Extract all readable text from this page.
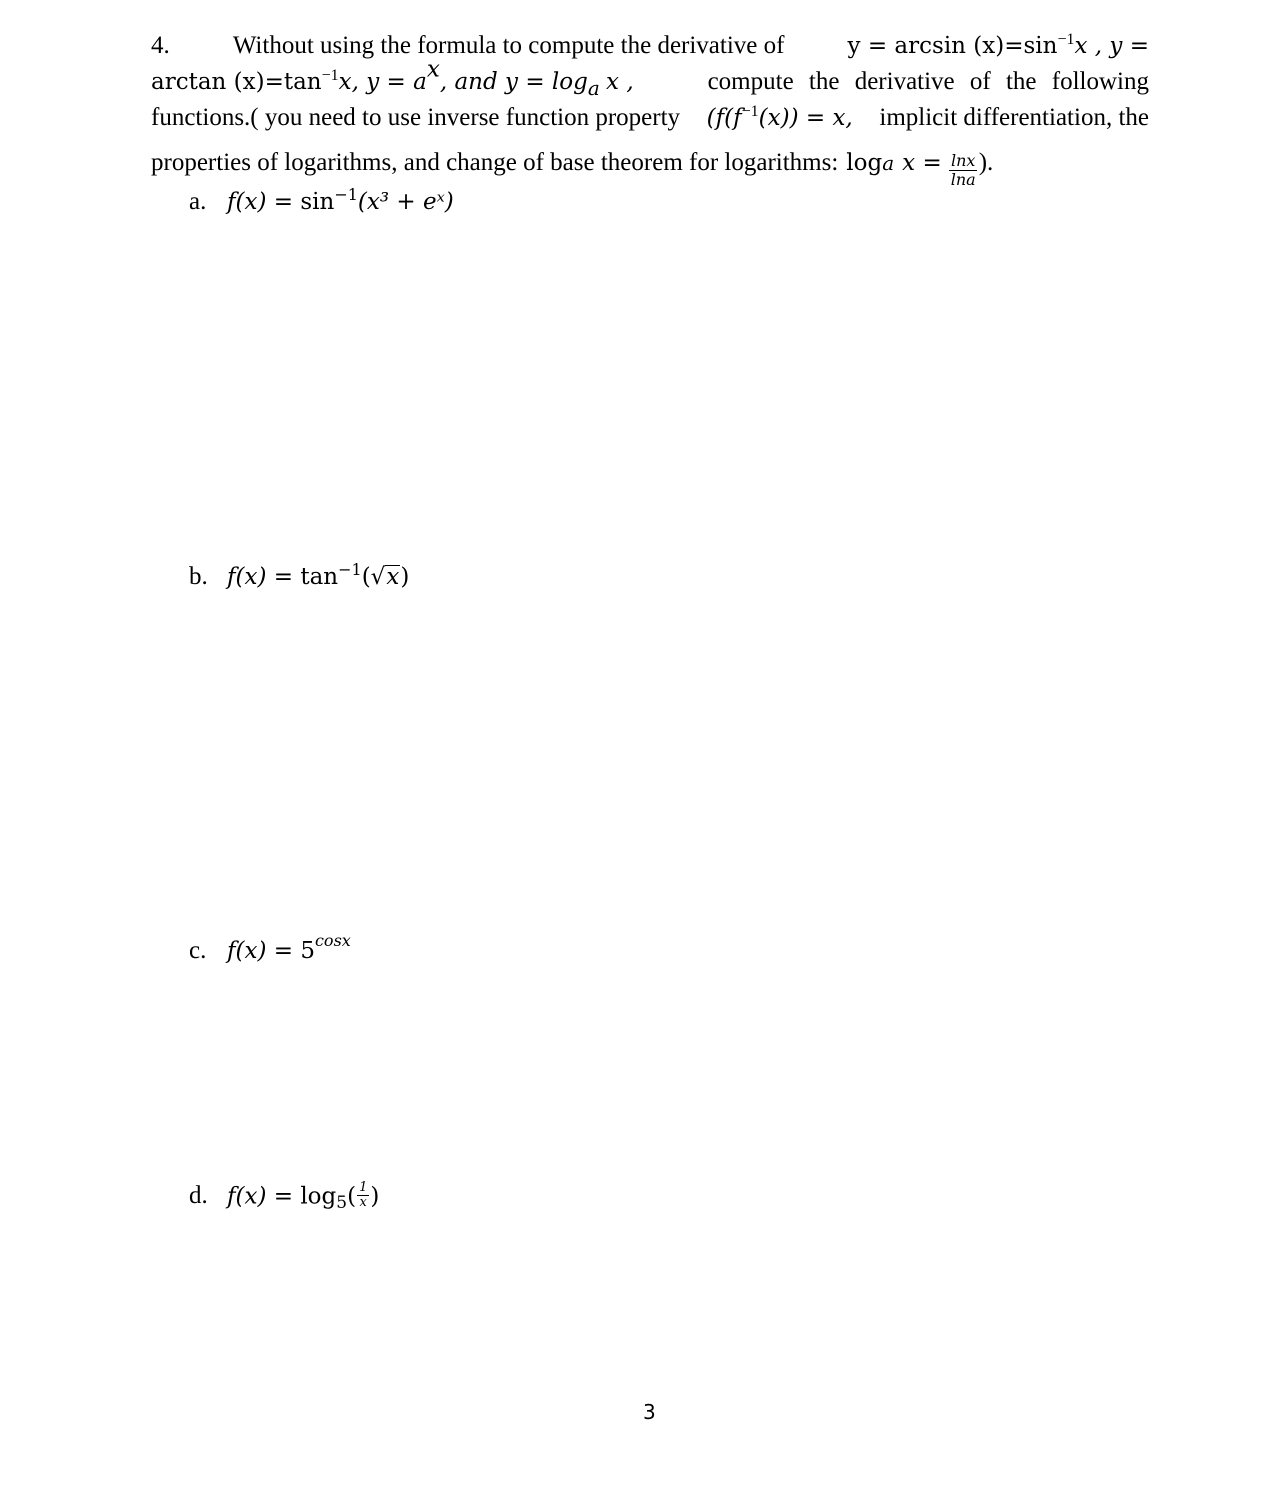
4.	Without using the formula to compute the derivative of	$y = \arcsin (x)=\sin^{-1}x$ , y =
$\arctan (x)=\tan^{-1}x$, $y = a^x$, and $y = \log_a x$ ,	compute the derivative of the following
functions.( you need to use inverse function property ($f(f^{-1}(x)) = x$, implicit differentiation, the
properties of logarithms, and change of base theorem for logarithms: log a $x = \frac{\ln x}{\ln a}$ ).
a. $f(x) = \sin^{-1}(x^3$ + eˣ)
b. $f(x) = \tan^{-1}(√x)$
c. $f(x) = 5^{cosx}$
d. $f(x) = \log_5( \frac{1}{x}$ )
3
